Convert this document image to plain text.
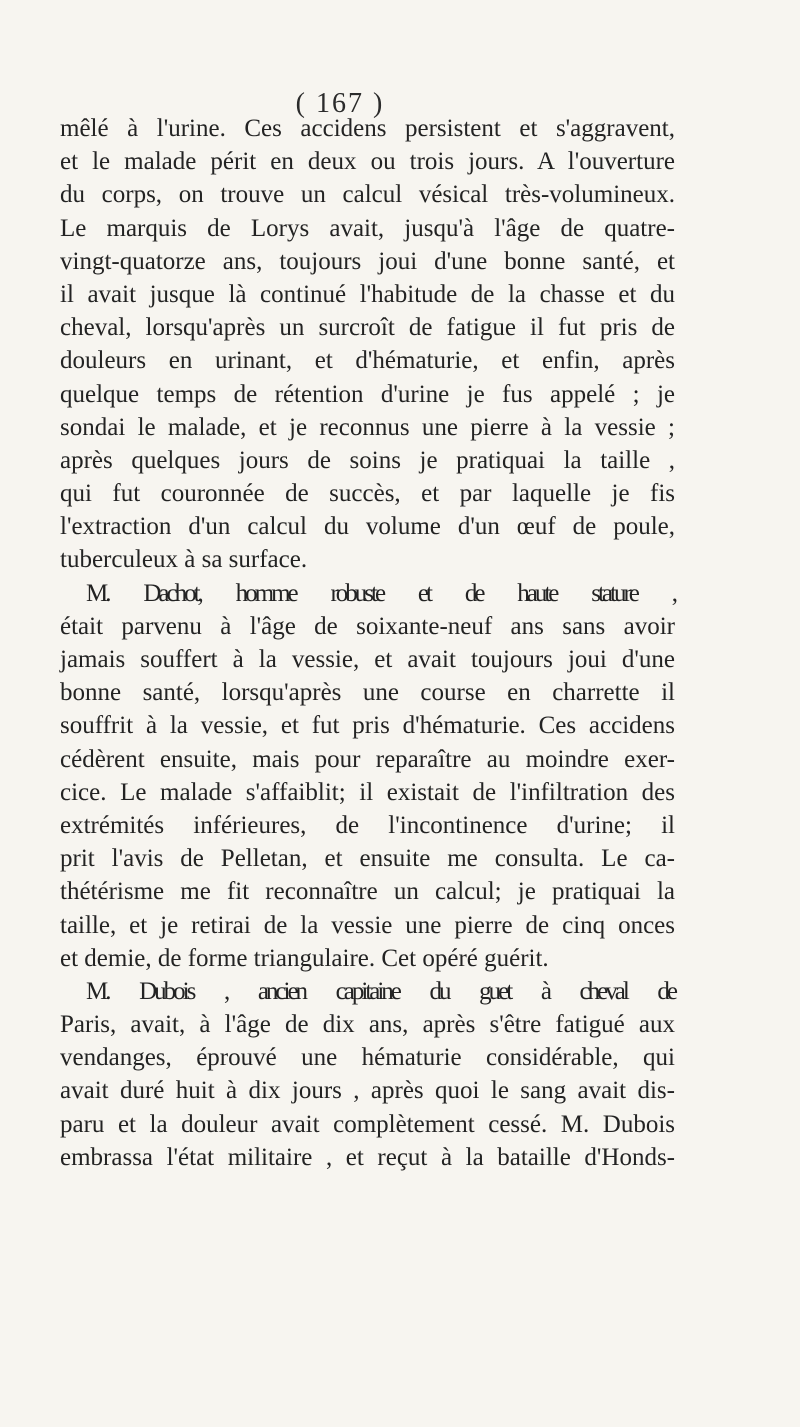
( 167 )
mêlé à l'urine. Ces accidens persistent et s'aggravent,
et le malade périt en deux ou trois jours. A l'ouverture
du corps, on trouve un calcul vésical très-volumineux.
Le marquis de Lorys avait, jusqu'à l'âge de quatre-
vingt-quatorze ans, toujours joui d'une bonne santé, et
il avait jusque là continué l'habitude de la chasse et du
cheval, lorsqu'après un surcroît de fatigue il fut pris de
douleurs en urinant, et d'hématurie, et enfin, après
quelque temps de rétention d'urine je fus appelé ; je
sondai le malade, et je reconnus une pierre à la vessie ;
après quelques jours de soins je pratiquai la taille ,
qui fut couronnée de succès, et par laquelle je fis
l'extraction d'un calcul du volume d'un œuf de poule,
tuberculeux à sa surface.
M. Dachot, homme robuste et de haute stature ,
était parvenu à l'âge de soixante-neuf ans sans avoir
jamais souffert à la vessie, et avait toujours joui d'une
bonne santé, lorsqu'après une course en charrette il
souffrit à la vessie, et fut pris d'hématurie. Ces accidens
cédèrent ensuite, mais pour reparaître au moindre exer-
cice. Le malade s'affaiblit; il existait de l'infiltration des
extrémités inférieures, de l'incontinence d'urine; il
prit l'avis de Pelletan, et ensuite me consulta. Le ca-
thétérisme me fit reconnaître un calcul; je pratiquai la
taille, et je retirai de la vessie une pierre de cinq onces
et demie, de forme triangulaire. Cet opéré guérit.
M. Dubois , ancien capitaine du guet à cheval de
Paris, avait, à l'âge de dix ans, après s'être fatigué aux
vendanges, éprouvé une hématurie considérable, qui
avait duré huit à dix jours , après quoi le sang avait dis-
paru et la douleur avait complètement cessé. M. Dubois
embrassa l'état militaire , et reçut à la bataille d'Honds-
